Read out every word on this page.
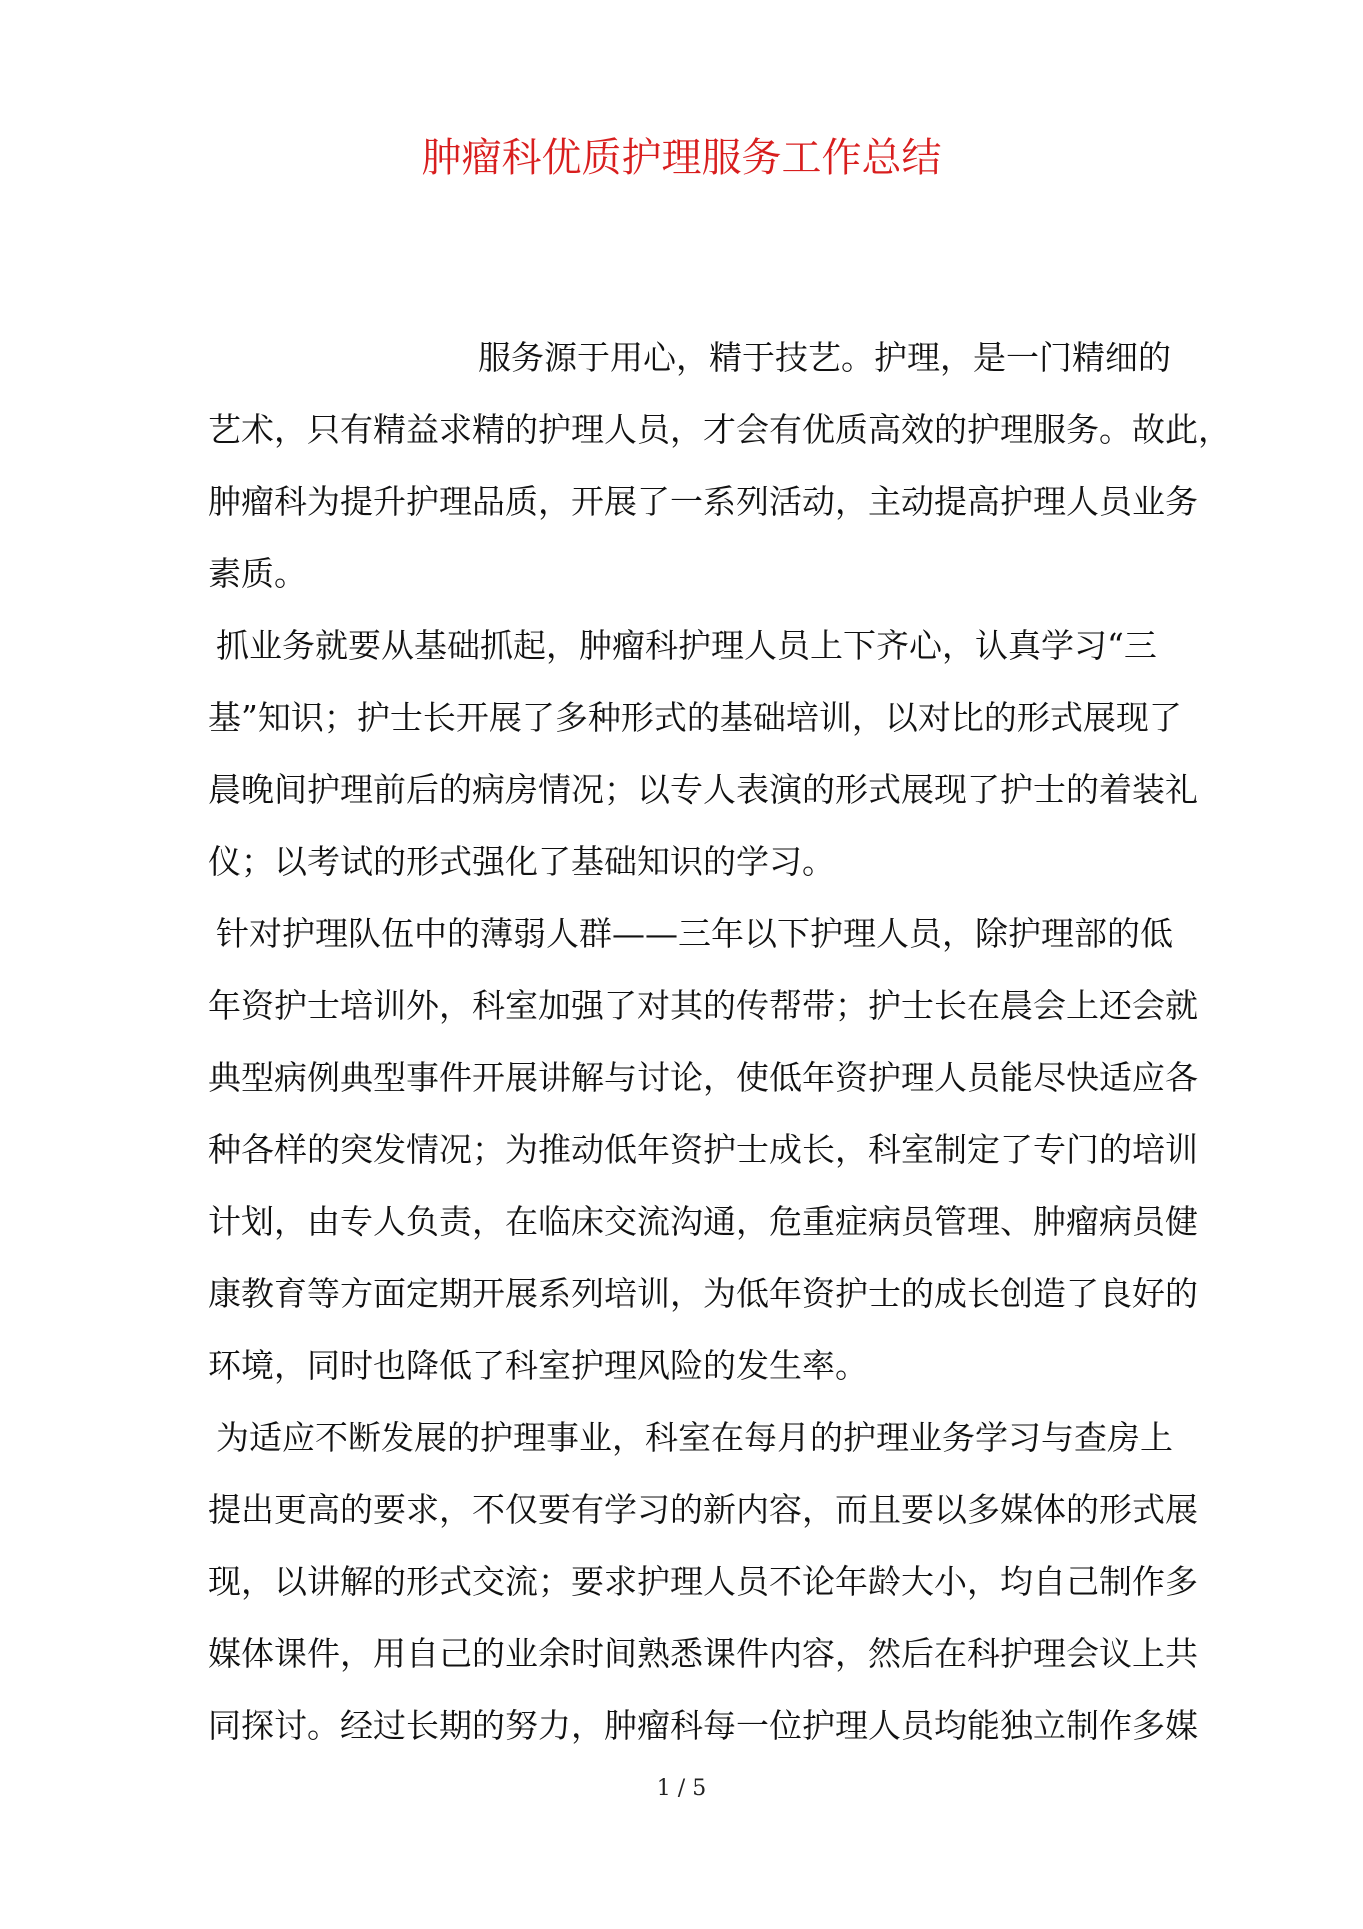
肿瘤科优质护理服务工作总结
服务源于用心，精于技艺。护理，是一门精细的
艺术，只有精益求精的护理人员，才会有优质高效的护理服务。故此，
肿瘤科为提升护理品质，开展了一系列活动，主动提高护理人员业务
素质。
抓业务就要从基础抓起，肿瘤科护理人员上下齐心，认真学习“三
基”知识；护士长开展了多种形式的基础培训，以对比的形式展现了
晨晚间护理前后的病房情况；以专人表演的形式展现了护士的着装礼
仪；以考试的形式强化了基础知识的学习。
针对护理队伍中的薄弱人群——三年以下护理人员，除护理部的低
年资护士培训外，科室加强了对其的传帮带；护士长在晨会上还会就
典型病例典型事件开展讲解与讨论，使低年资护理人员能尽快适应各
种各样的突发情况；为推动低年资护士成长，科室制定了专门的培训
计划，由专人负责，在临床交流沟通，危重症病员管理、肿瘤病员健
康教育等方面定期开展系列培训，为低年资护士的成长创造了良好的
环境，同时也降低了科室护理风险的发生率。
为适应不断发展的护理事业，科室在每月的护理业务学习与查房上
提出更高的要求，不仅要有学习的新内容，而且要以多媒体的形式展
现，以讲解的形式交流；要求护理人员不论年龄大小，均自己制作多
媒体课件，用自己的业余时间熟悉课件内容，然后在科护理会议上共
同探讨。经过长期的努力，肿瘤科每一位护理人员均能独立制作多媒
1 / 5
